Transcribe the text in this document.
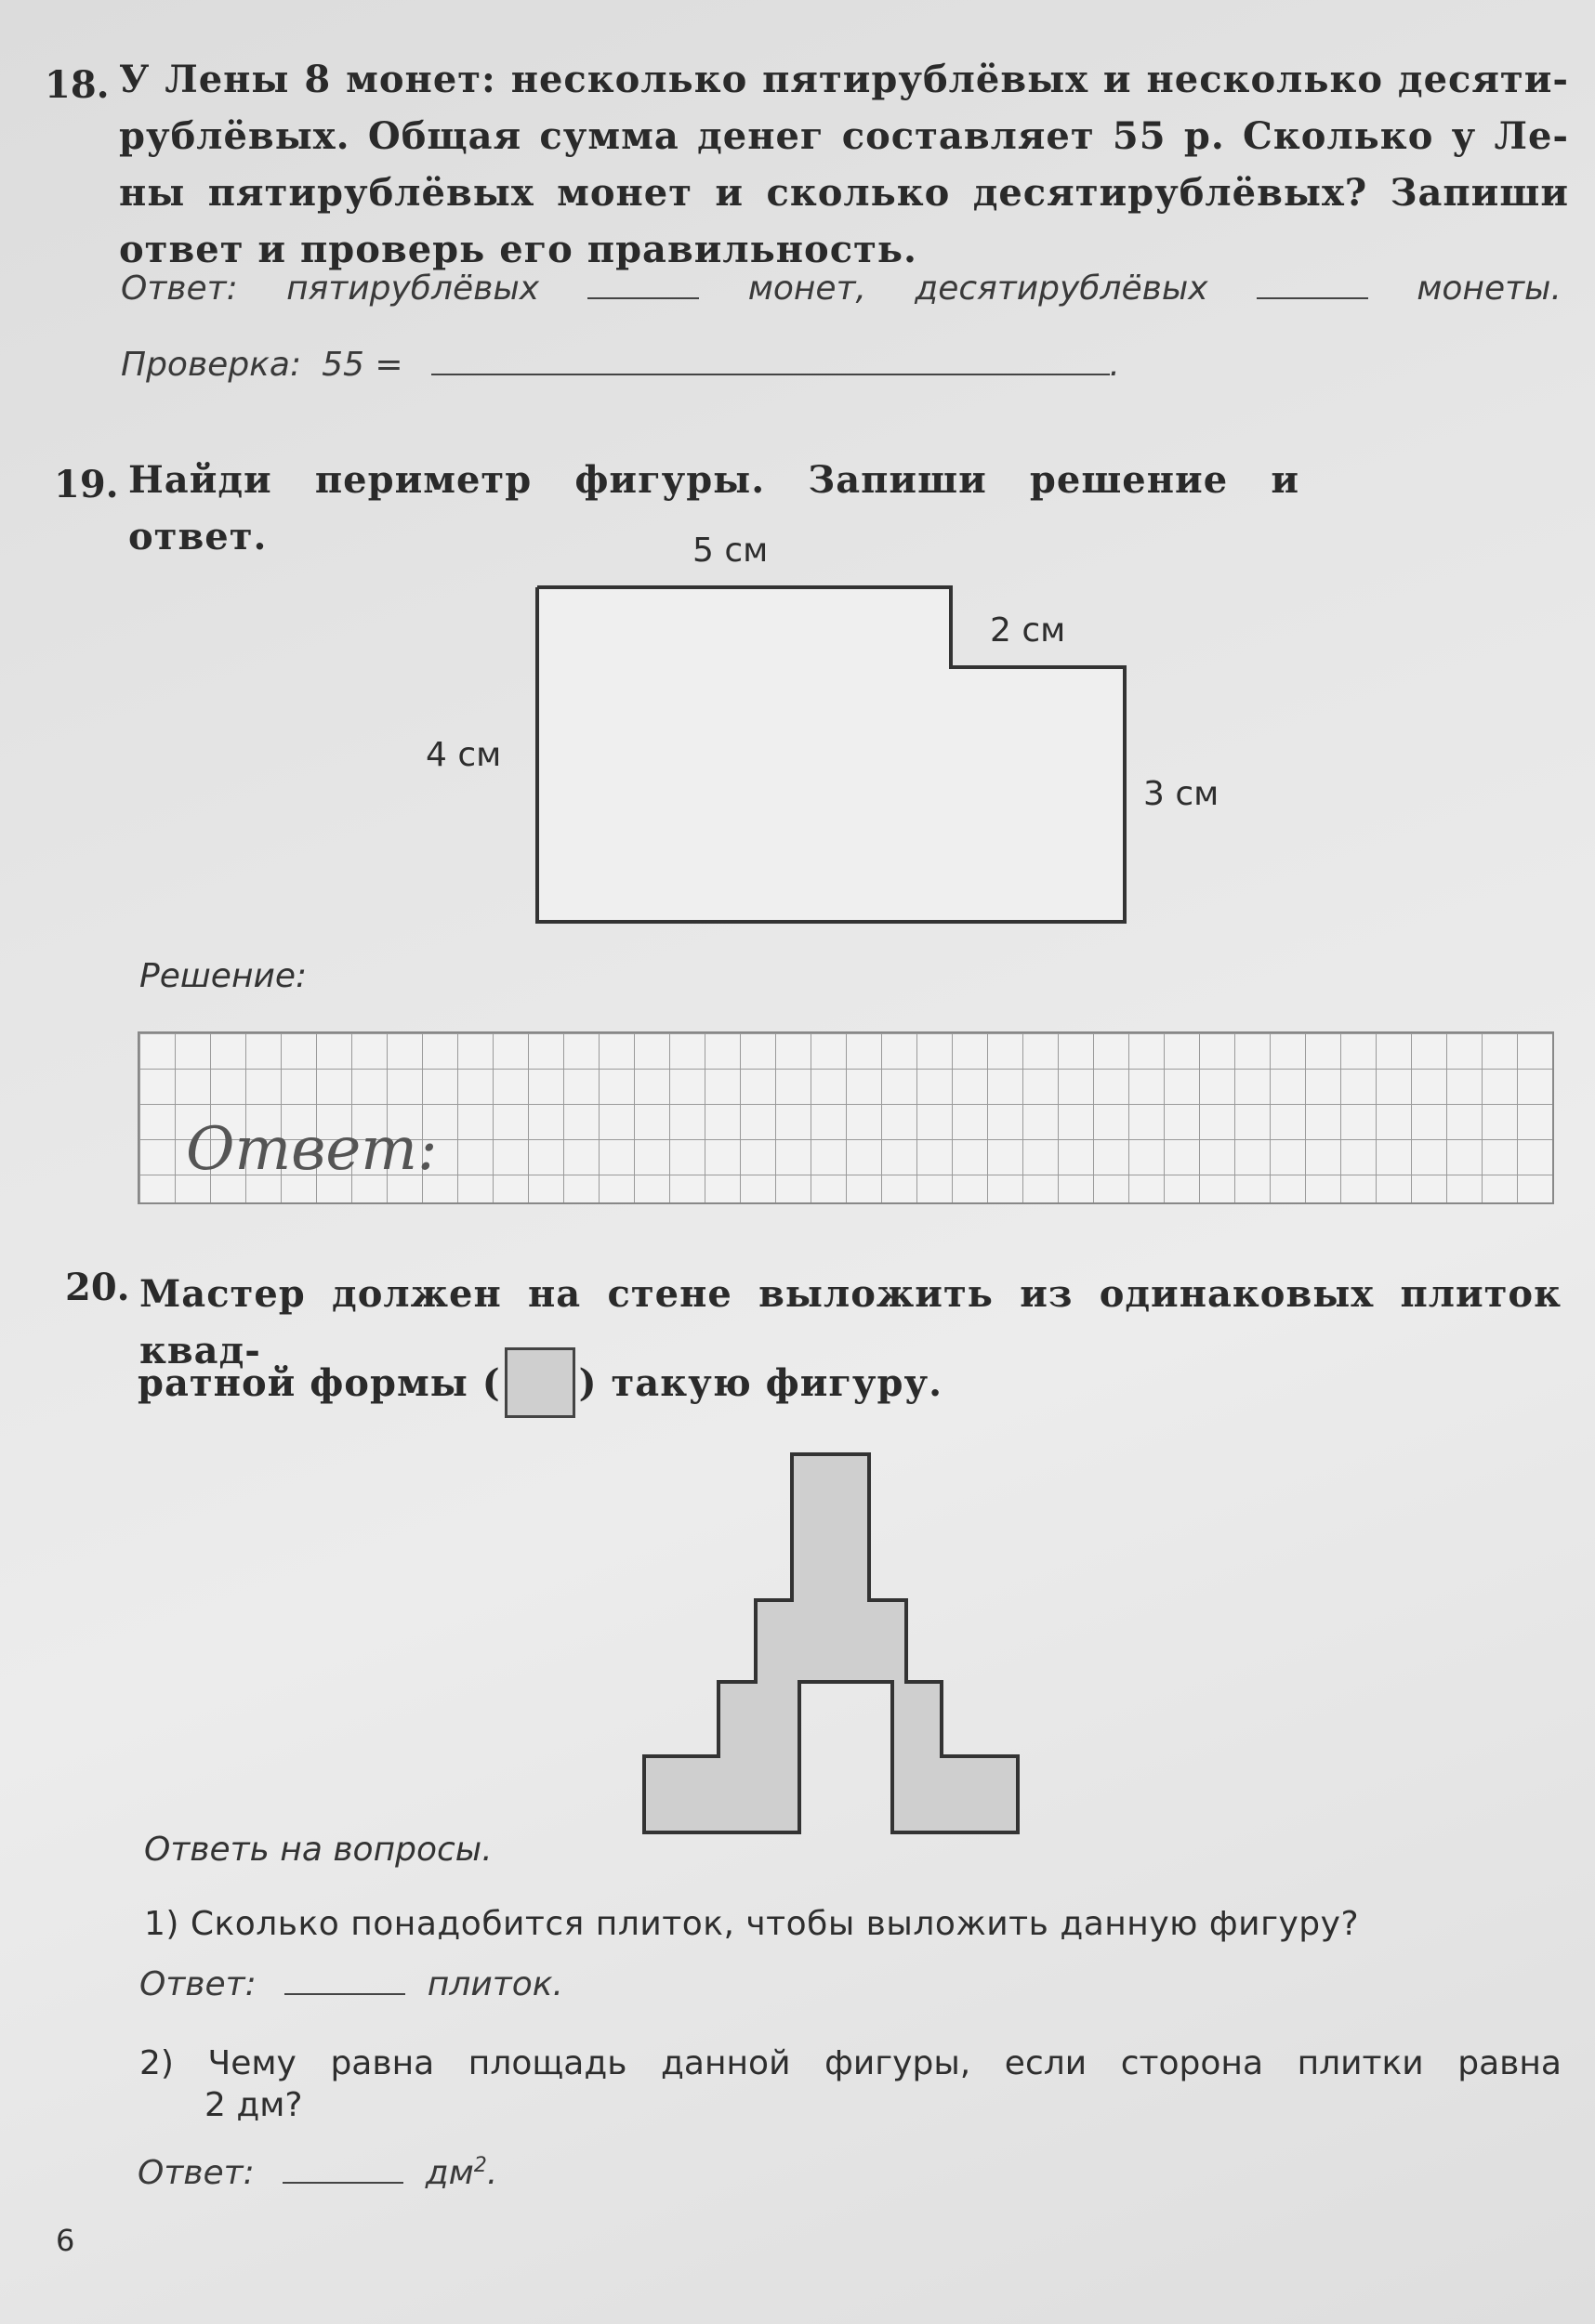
18. У Лены 8 монет: несколько пятирублёвых и несколько десяти-
рублёвых. Общая сумма денег составляет 55 р. Сколько у Ле-
ны пятирублёвых монет и сколько десятирублёвых? Запиши
ответ и проверь его правильность.
Ответ: пятирублёвых	монет, десятирублёвых	монеты.
Проверка: 55 =	.
19. Найди периметр фигуры. Запиши решение и ответ.	5 см
2 см
4 см
3 см
Решение:
Ответ:
20. Мастер должен на стене выложить из одинаковых плиток квад-
ратной формы ( ) такую фигуру.
Ответь на вопросы.
1) Сколько понадобится плиток, чтобы выложить данную фигуру?
Ответ:	плиток.
2) Чему равна площадь данной фигуры, если сторона плитки равна
2 дм?
Ответ:	$дм^2$.
6
